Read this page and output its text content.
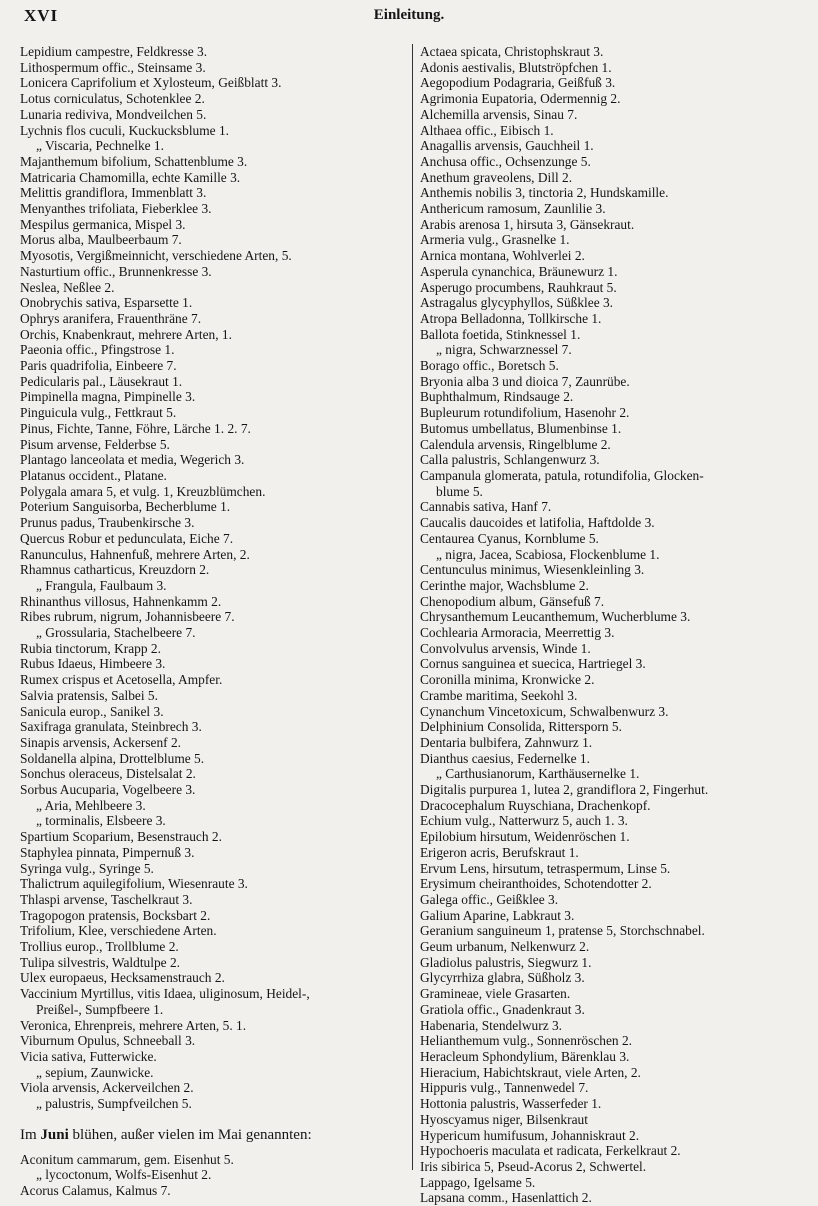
XVI	Einleitung.
Lepidium campestre, Feldkresse 3.
Lithospermum offic., Steinsame 3.
Lonicera Caprifolium et Xylosteum, Geißblatt 3.
Lotus corniculatus, Schotenklee 2.
Lunaria rediviva, Mondveilchen 5.
Lychnis flos cuculi, Kuckucksblume 1.
„ Viscaria, Pechnelke 1.
Majanthemum bifolium, Schattenblume 3.
Matricaria Chamomilla, echte Kamille 3.
Melittis grandiflora, Immenblatt 3.
Menyanthes trifoliata, Fieberklee 3.
Mespilus germanica, Mispel 3.
Morus alba, Maulbeerbaum 7.
Myosotis, Vergißmeinnicht, verschiedene Arten, 5.
Nasturtium offic., Brunnenkresse 3.
Neslea, Neßlee 2.
Onobrychis sativa, Esparsette 1.
Ophrys aranifera, Frauenthräne 7.
Orchis, Knabenkraut, mehrere Arten, 1.
Paeonia offic., Pfingstrose 1.
Paris quadrifolia, Einbeere 7.
Pedicularis pal., Läusekraut 1.
Pimpinella magna, Pimpinelle 3.
Pinguicula vulg., Fettkraut 5.
Pinus, Fichte, Tanne, Föhre, Lärche 1. 2. 7.
Pisum arvense, Felderbse 5.
Plantago lanceolata et media, Wegerich 3.
Platanus occident., Platane.
Polygala amara 5, et vulg. 1, Kreuzblümchen.
Poterium Sanguisorba, Becherblume 1.
Prunus padus, Traubenkirsche 3.
Quercus Robur et pedunculata, Eiche 7.
Ranunculus, Hahnenfuß, mehrere Arten, 2.
Rhamnus catharticus, Kreuzdorn 2.
„ Frangula, Faulbaum 3.
Rhinanthus villosus, Hahnenkamm 2.
Ribes rubrum, nigrum, Johannisbeere 7.
„ Grossularia, Stachelbeere 7.
Rubia tinctorum, Krapp 2.
Rubus Idaeus, Himbeere 3.
Rumex crispus et Acetosella, Ampfer.
Salvia pratensis, Salbei 5.
Sanicula europ., Sanikel 3.
Saxifraga granulata, Steinbrech 3.
Sinapis arvensis, Ackersenf 2.
Soldanella alpina, Drottelblume 5.
Sonchus oleraceus, Distelsalat 2.
Sorbus Aucuparia, Vogelbeere 3.
„ Aria, Mehlbeere 3.
„ torminalis, Elsbeere 3.
Spartium Scoparium, Besenstrauch 2.
Staphylea pinnata, Pimpernuß 3.
Syringa vulg., Syringe 5.
Thalictrum aquilegifolium, Wiesenraute 3.
Thlaspi arvense, Taschelkraut 3.
Tragopogon pratensis, Bocksbart 2.
Trifolium, Klee, verschiedene Arten.
Trollius europ., Trollblume 2.
Tulipa silvestris, Waldtulpe 2.
Ulex europaeus, Hecksamenstrauch 2.
Vaccinium Myrtillus, vitis Idaea, uliginosum, Heidel-,
Preißel-, Sumpfbeere 1.
Veronica, Ehrenpreis, mehrere Arten, 5. 1.
Viburnum Opulus, Schneeball 3.
Vicia sativa, Futterwicke.
„ sepium, Zaunwicke.
Viola arvensis, Ackerveilchen 2.
„ palustris, Sumpfveilchen 5.
Im Juni blühen, außer vielen im Mai genannten:
Aconitum cammarum, gem. Eisenhut 5.
„ lycoctonum, Wolfs-Eisenhut 2.
Acorus Calamus, Kalmus 7.
Actaea spicata, Christophskraut 3.
Adonis aestivalis, Blutströpfchen 1.
Aegopodium Podagraria, Geißfuß 3.
Agrimonia Eupatoria, Odermennig 2.
Alchemilla arvensis, Sinau 7.
Althaea offic., Eibisch 1.
Anagallis arvensis, Gauchheil 1.
Anchusa offic., Ochsenzunge 5.
Anethum graveolens, Dill 2.
Anthemis nobilis 3, tinctoria 2, Hundskamille.
Anthericum ramosum, Zaunlilie 3.
Arabis arenosa 1, hirsuta 3, Gänsekraut.
Armeria vulg., Grasnelke 1.
Arnica montana, Wohlverlei 2.
Asperula cynanchica, Bräunewurz 1.
Asperugo procumbens, Rauhkraut 5.
Astragalus glycyphyllos, Süßklee 3.
Atropa Belladonna, Tollkirsche 1.
Ballota foetida, Stinknessel 1.
„ nigra, Schwarznessel 7.
Borago offic., Boretsch 5.
Bryonia alba 3 und dioica 7, Zaunrübe.
Buphthalmum, Rindsauge 2.
Bupleurum rotundifolium, Hasenohr 2.
Butomus umbellatus, Blumenbinse 1.
Calendula arvensis, Ringelblume 2.
Calla palustris, Schlangenwurz 3.
Campanula glomerata, patula, rotundifolia, Glocken-
blume 5.
Cannabis sativa, Hanf 7.
Caucalis daucoides et latifolia, Haftdolde 3.
Centaurea Cyanus, Kornblume 5.
„ nigra, Jacea, Scabiosa, Flockenblume 1.
Centunculus minimus, Wiesenkleinling 3.
Cerinthe major, Wachsblume 2.
Chenopodium album, Gänsefuß 7.
Chrysanthemum Leucanthemum, Wucherblume 3.
Cochlearia Armoracia, Meerrettig 3.
Convolvulus arvensis, Winde 1.
Cornus sanguinea et suecica, Hartriegel 3.
Coronilla minima, Kronwicke 2.
Crambe maritima, Seekohl 3.
Cynanchum Vincetoxicum, Schwalbenwurz 3.
Delphinium Consolida, Rittersporn 5.
Dentaria bulbifera, Zahnwurz 1.
Dianthus caesius, Federnelke 1.
„ Carthusianorum, Karthäusernelke 1.
Digitalis purpurea 1, lutea 2, grandiflora 2, Fingerhut.
Dracocephalum Ruyschiana, Drachenkopf.
Echium vulg., Natterwurz 5, auch 1. 3.
Epilobium hirsutum, Weidenröschen 1.
Erigeron acris, Berufskraut 1.
Ervum Lens, hirsutum, tetraspermum, Linse 5.
Erysimum cheiranthoides, Schotendotter 2.
Galega offic., Geißklee 3.
Galium Aparine, Labkraut 3.
Geranium sanguineum 1, pratense 5, Storchschnabel.
Geum urbanum, Nelkenwurz 2.
Gladiolus palustris, Siegwurz 1.
Glycyrrhiza glabra, Süßholz 3.
Gramineae, viele Grasarten.
Gratiola offic., Gnadenkraut 3.
Habenaria, Stendelwurz 3.
Helianthemum vulg., Sonnenröschen 2.
Heracleum Sphondylium, Bärenklau 3.
Hieracium, Habichtskraut, viele Arten, 2.
Hippuris vulg., Tannenwedel 7.
Hottonia palustris, Wasserfeder 1.
Hyoscyamus niger, Bilsenkraut
Hypericum humifusum, Johanniskraut 2.
Hypochoeris maculata et radicata, Ferkelkraut 2.
Iris sibirica 5, Pseud-Acorus 2, Schwertel.
Lappago, Igelsame 5.
Lapsana comm., Hasenlattich 2.
